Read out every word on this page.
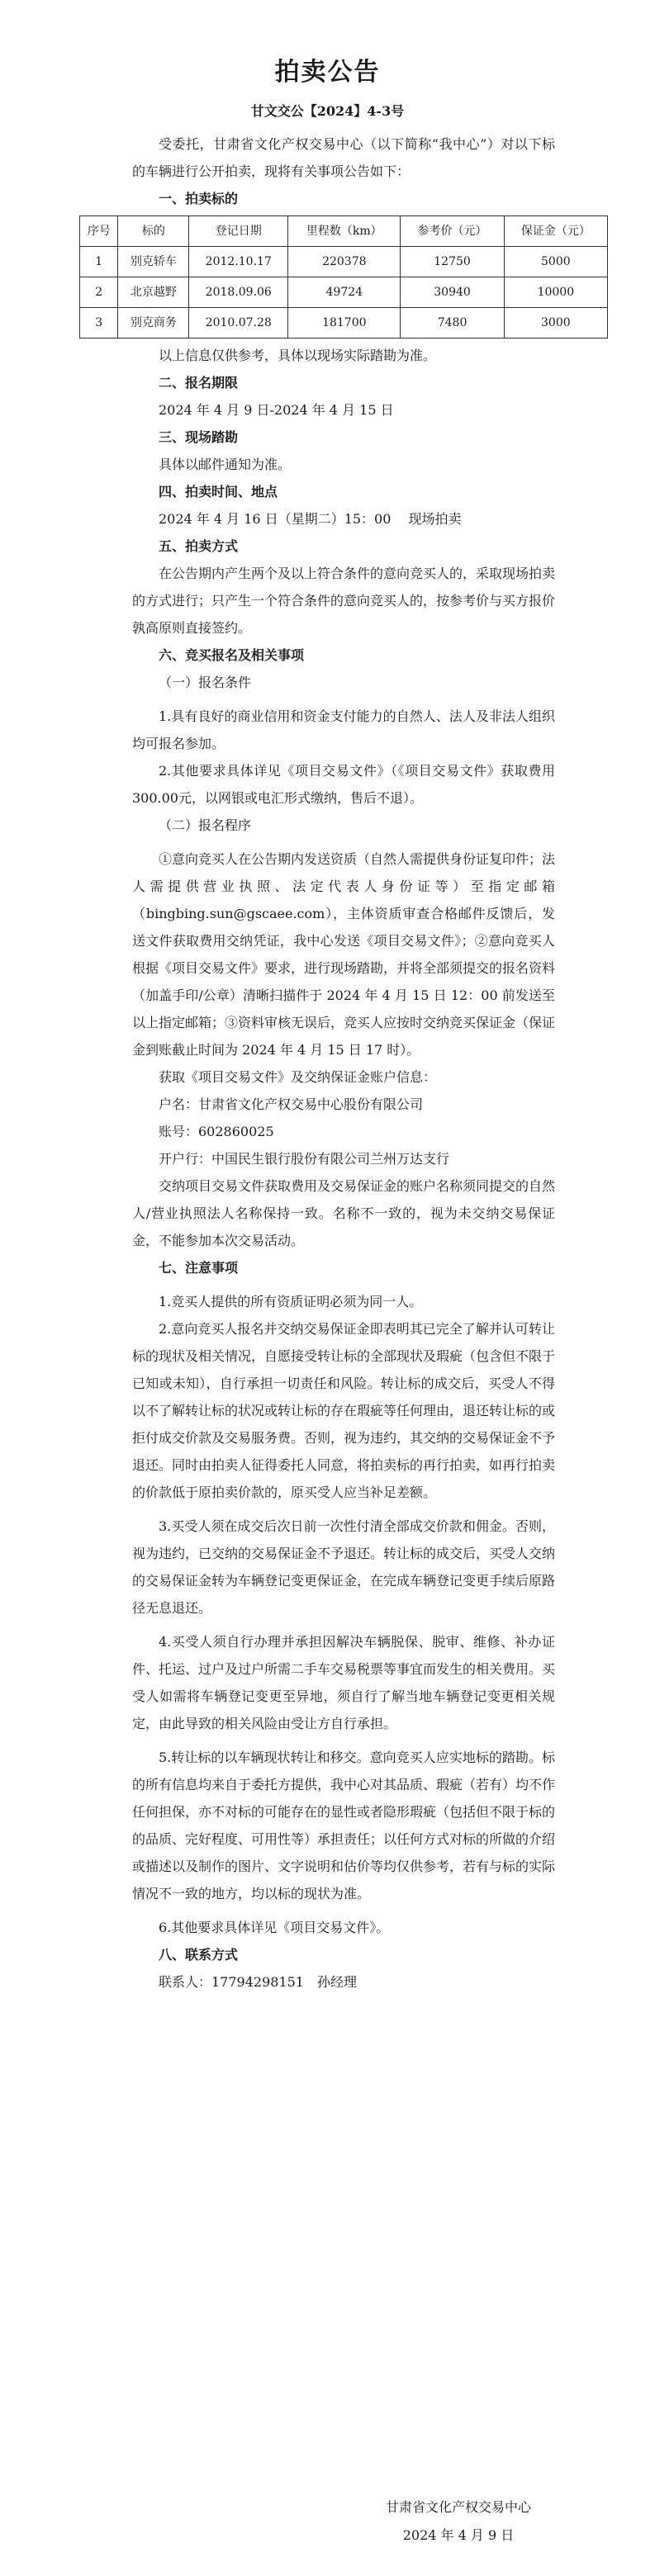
拍卖公告
甘文交公【2024】4-3号

受委托，甘肃省文化产权交易中心（以下简称“我中心”）对以下标的车辆进行公开拍卖，现将有关事项公告如下：

一、拍卖标的

序号	标的	登记日期	里程数（km）	参考价（元）	保证金（元）
1	别克轿车	2012.10.17	220378	12750	5000
2	北京越野	2018.09.06	49724	30940	10000
3	别克商务	2010.07.28	181700	7480	3000

以上信息仅供参考，具体以现场实际踏勘为准。

二、报名期限

2024 年 4 月 9 日-2024 年 4 月 15 日

三、现场踏勘

具体以邮件通知为准。

四、拍卖时间、地点

2024 年 4 月 16 日（星期二）15：00　 现场拍卖

五、拍卖方式

在公告期内产生两个及以上符合条件的意向竞买人的，采取现场拍卖的方式进行；只产生一个符合条件的意向竞买人的，按参考价与买方报价孰高原则直接签约。

六、竞买报名及相关事项

（一）报名条件

1.具有良好的商业信用和资金支付能力的自然人、法人及非法人组织均可报名参加。

2.其他要求具体详见《项目交易文件》（《项目交易文件》获取费用300.00元，以网银或电汇形式缴纳，售后不退）。

（二）报名程序

①意向竞买人在公告期内发送资质（自然人需提供身份证复印件；法人需提供营业执照、法定代表人身份证等）至指定邮箱（bingbing.sun@gscaee.com），主体资质审查合格邮件反馈后，发送文件获取费用交纳凭证，我中心发送《项目交易文件》；②意向竞买人根据《项目交易文件》要求，进行现场踏勘，并将全部须提交的报名资料（加盖手印/公章）清晰扫描件于 2024 年 4 月 15 日 12：00 前发送至以上指定邮箱；③资料审核无误后，竞买人应按时交纳竞买保证金（保证金到账截止时间为 2024 年 4 月 15 日 17 时）。

获取《项目交易文件》及交纳保证金账户信息：

户名：甘肃省文化产权交易中心股份有限公司

账号：602860025

开户行：中国民生银行股份有限公司兰州万达支行

交纳项目交易文件获取费用及交易保证金的账户名称须同提交的自然人/营业执照法人名称保持一致。名称不一致的，视为未交纳交易保证金，不能参加本次交易活动。

七、注意事项

1.竞买人提供的所有资质证明必须为同一人。

2.意向竞买人报名并交纳交易保证金即表明其已完全了解并认可转让标的现状及相关情况，自愿接受转让标的全部现状及瑕疵（包含但不限于已知或未知），自行承担一切责任和风险。转让标的成交后，买受人不得以不了解转让标的状况或转让标的存在瑕疵等任何理由，退还转让标的或拒付成交价款及交易服务费。否则，视为违约，其交纳的交易保证金不予退还。同时由拍卖人征得委托人同意，将拍卖标的再行拍卖，如再行拍卖的价款低于原拍卖价款的，原买受人应当补足差额。

3.买受人须在成交后次日前一次性付清全部成交价款和佣金。否则，视为违约，已交纳的交易保证金不予退还。转让标的成交后，买受人交纳的交易保证金转为车辆登记变更保证金，在完成车辆登记变更手续后原路径无息退还。

4.买受人须自行办理并承担因解决车辆脱保、脱审、维修、补办证件、托运、过户及过户所需二手车交易税票等事宜而发生的相关费用。买受人如需将车辆登记变更至异地，须自行了解当地车辆登记变更相关规定，由此导致的相关风险由受让方自行承担。

5.转让标的以车辆现状转让和移交。意向竞买人应实地标的踏勘。标的所有信息均来自于委托方提供，我中心对其品质、瑕疵（若有）均不作任何担保，亦不对标的可能存在的显性或者隐形瑕疵（包括但不限于标的的品质、完好程度、可用性等）承担责任；以任何方式对标的所做的介绍或描述以及制作的图片、文字说明和估价等均仅供参考，若有与标的实际情况不一致的地方，均以标的现状为准。

6.其他要求具体详见《项目交易文件》。

八、联系方式

联系人：17794298151　孙经理

甘肃省文化产权交易中心
2024 年 4 月 9 日
